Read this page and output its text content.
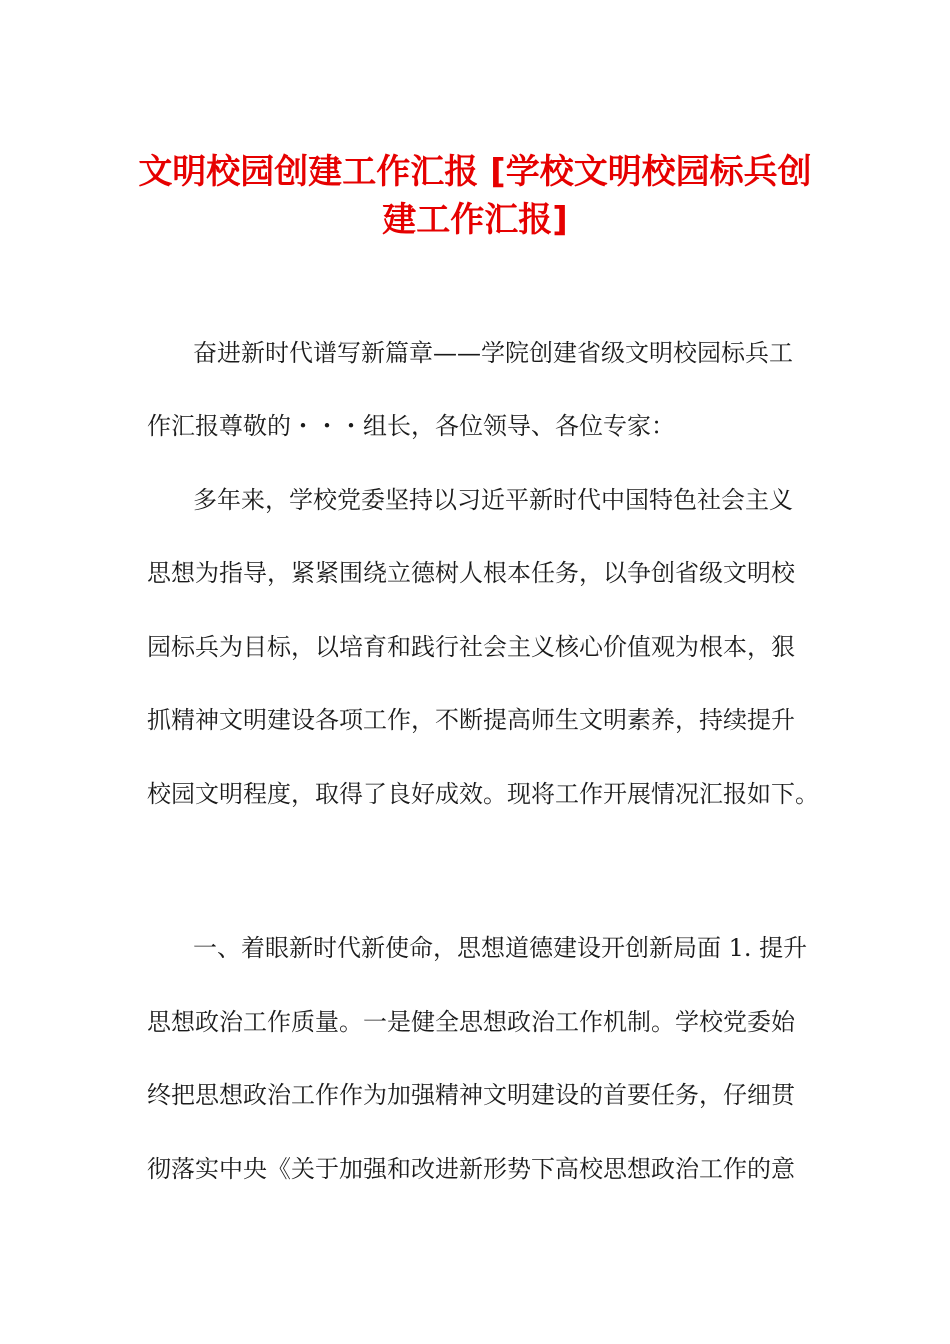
文明校园创建工作汇报 [学校文明校园标兵创
建工作汇报]
奋进新时代谱写新篇章——学院创建省级文明校园标兵工
作汇报尊敬的・・・组长，各位领导、各位专家：
多年来，学校党委坚持以习近平新时代中国特色社会主义
思想为指导，紧紧围绕立德树人根本任务，以争创省级文明校
园标兵为目标，以培育和践行社会主义核心价值观为根本，狠
抓精神文明建设各项工作，不断提高师生文明素养，持续提升
校园文明程度，取得了良好成效。现将工作开展情况汇报如下。
一、着眼新时代新使命，思想道德建设开创新局面 1. 提升
思想政治工作质量。一是健全思想政治工作机制。学校党委始
终把思想政治工作作为加强精神文明建设的首要任务，仔细贯
彻落实中央《关于加强和改进新形势下高校思想政治工作的意
